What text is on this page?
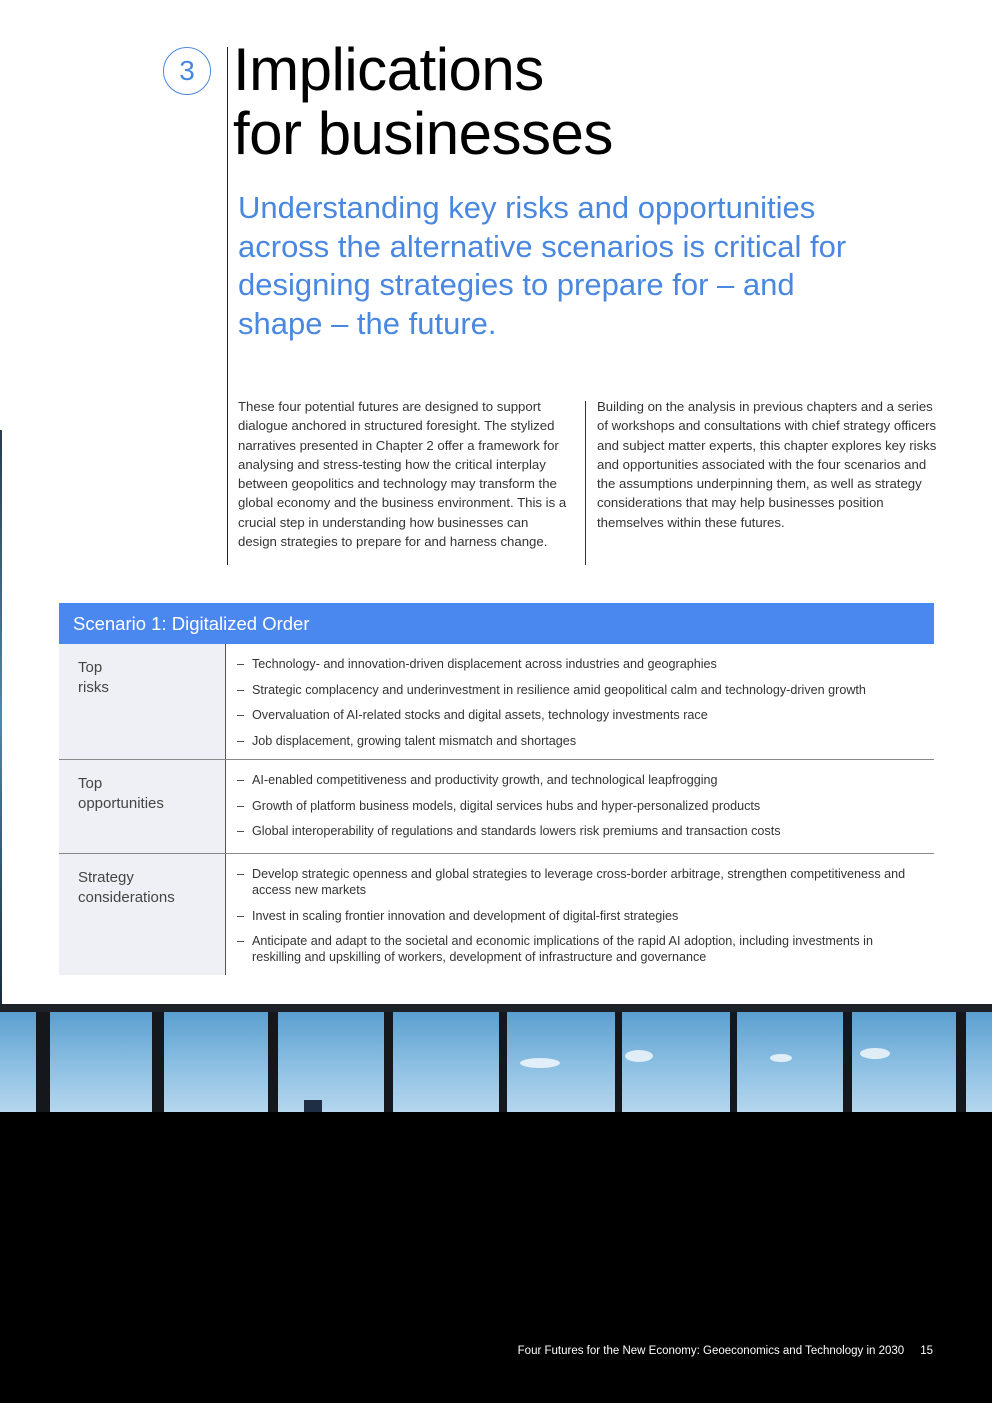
3 Implications
for businesses

Understanding key risks and opportunities across the alternative scenarios is critical for designing strategies to prepare for – and shape – the future.

These four potential futures are designed to support dialogue anchored in structured foresight. The stylized narratives presented in Chapter 2 offer a framework for analysing and stress-testing how the critical interplay between geopolitics and technology may transform the global economy and the business environment. This is a crucial step in understanding how businesses can design strategies to prepare for and harness change.

Building on the analysis in previous chapters and a series of workshops and consultations with chief strategy officers and subject matter experts, this chapter explores key risks and opportunities associated with the four scenarios and the assumptions underpinning them, as well as strategy considerations that may help businesses position themselves within these futures.

Scenario 1: Digitalized Order
Top
risks
– Technology- and innovation-driven displacement across industries and geographies
– Strategic complacency and underinvestment in resilience amid geopolitical calm and technology-driven growth
– Overvaluation of AI-related stocks and digital assets, technology investments race
– Job displacement, growing talent mismatch and shortages
Top
opportunities
– AI-enabled competitiveness and productivity growth, and technological leapfrogging
– Growth of platform business models, digital services hubs and hyper-personalized products
– Global interoperability of regulations and standards lowers risk premiums and transaction costs
Strategy
considerations
– Develop strategic openness and global strategies to leverage cross-border arbitrage, strengthen competitiveness and access new markets
– Invest in scaling frontier innovation and development of digital-first strategies
– Anticipate and adapt to the societal and economic implications of the rapid AI adoption, including investments in reskilling and upskilling of workers, development of infrastructure and governance
Four Futures for the New Economy: Geoeconomics and Technology in 2030 15
